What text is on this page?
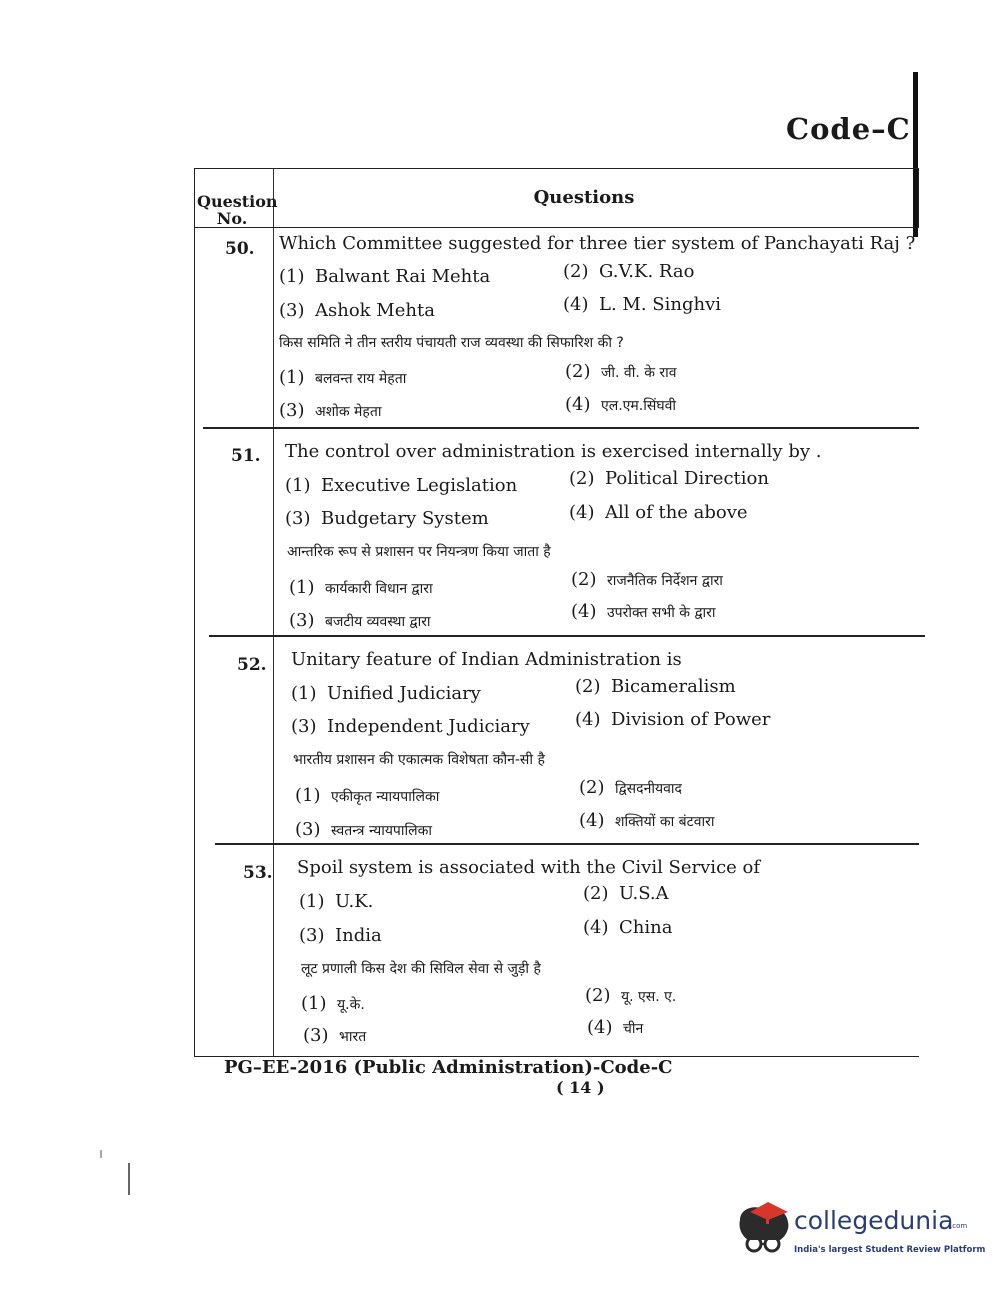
Code–C
Question
No.
Questions
50. Which Committee suggested for three tier system of Panchayati Raj ?
(1) Balwant Rai Mehta	(2) G.V.K. Rao
(3) Ashok Mehta	(4) L. M. Singhvi
किस समिति ने तीन स्तरीय पंचायती राज व्यवस्था की सिफारिश की ?
(1) बलवन्त राय मेहता	(2) जी. वी. के राव
(3) अशोक मेहता	(4) एल.एम.सिंघवी
51. The control over administration is exercised internally by .
(1) Executive Legislation	(2) Political Direction
(3) Budgetary System	(4) All of the above
आन्तरिक रूप से प्रशासन पर नियन्त्रण किया जाता है
(1) कार्यकारी विधान द्वारा	(2) राजनैतिक निर्देशन द्वारा
(3) बजटीय व्यवस्था द्वारा	(4) उपरोक्त सभी के द्वारा
52. Unitary feature of Indian Administration is
(1) Unified Judiciary	(2) Bicameralism
(3) Independent Judiciary	(4) Division of Power
भारतीय प्रशासन की एकात्मक विशेषता कौन-सी है
(1) एकीकृत न्यायपालिका	(2) द्विसदनीयवाद
(3) स्वतन्त्र न्यायपालिका	(4) शक्तियों का बंटवारा
53. Spoil system is associated with the Civil Service of
(1) U.K.	(2) U.S.A
(3) India	(4) China
लूट प्रणाली किस देश की सिविल सेवा से जुड़ी है
(1) यू.के.	(2) यू. एस. ए.
(3) भारत	(4) चीन
PG–EE-2016 (Public Administration)-Code-C
( 14 )
collegedunia
.com
India's largest Student Review Platform
